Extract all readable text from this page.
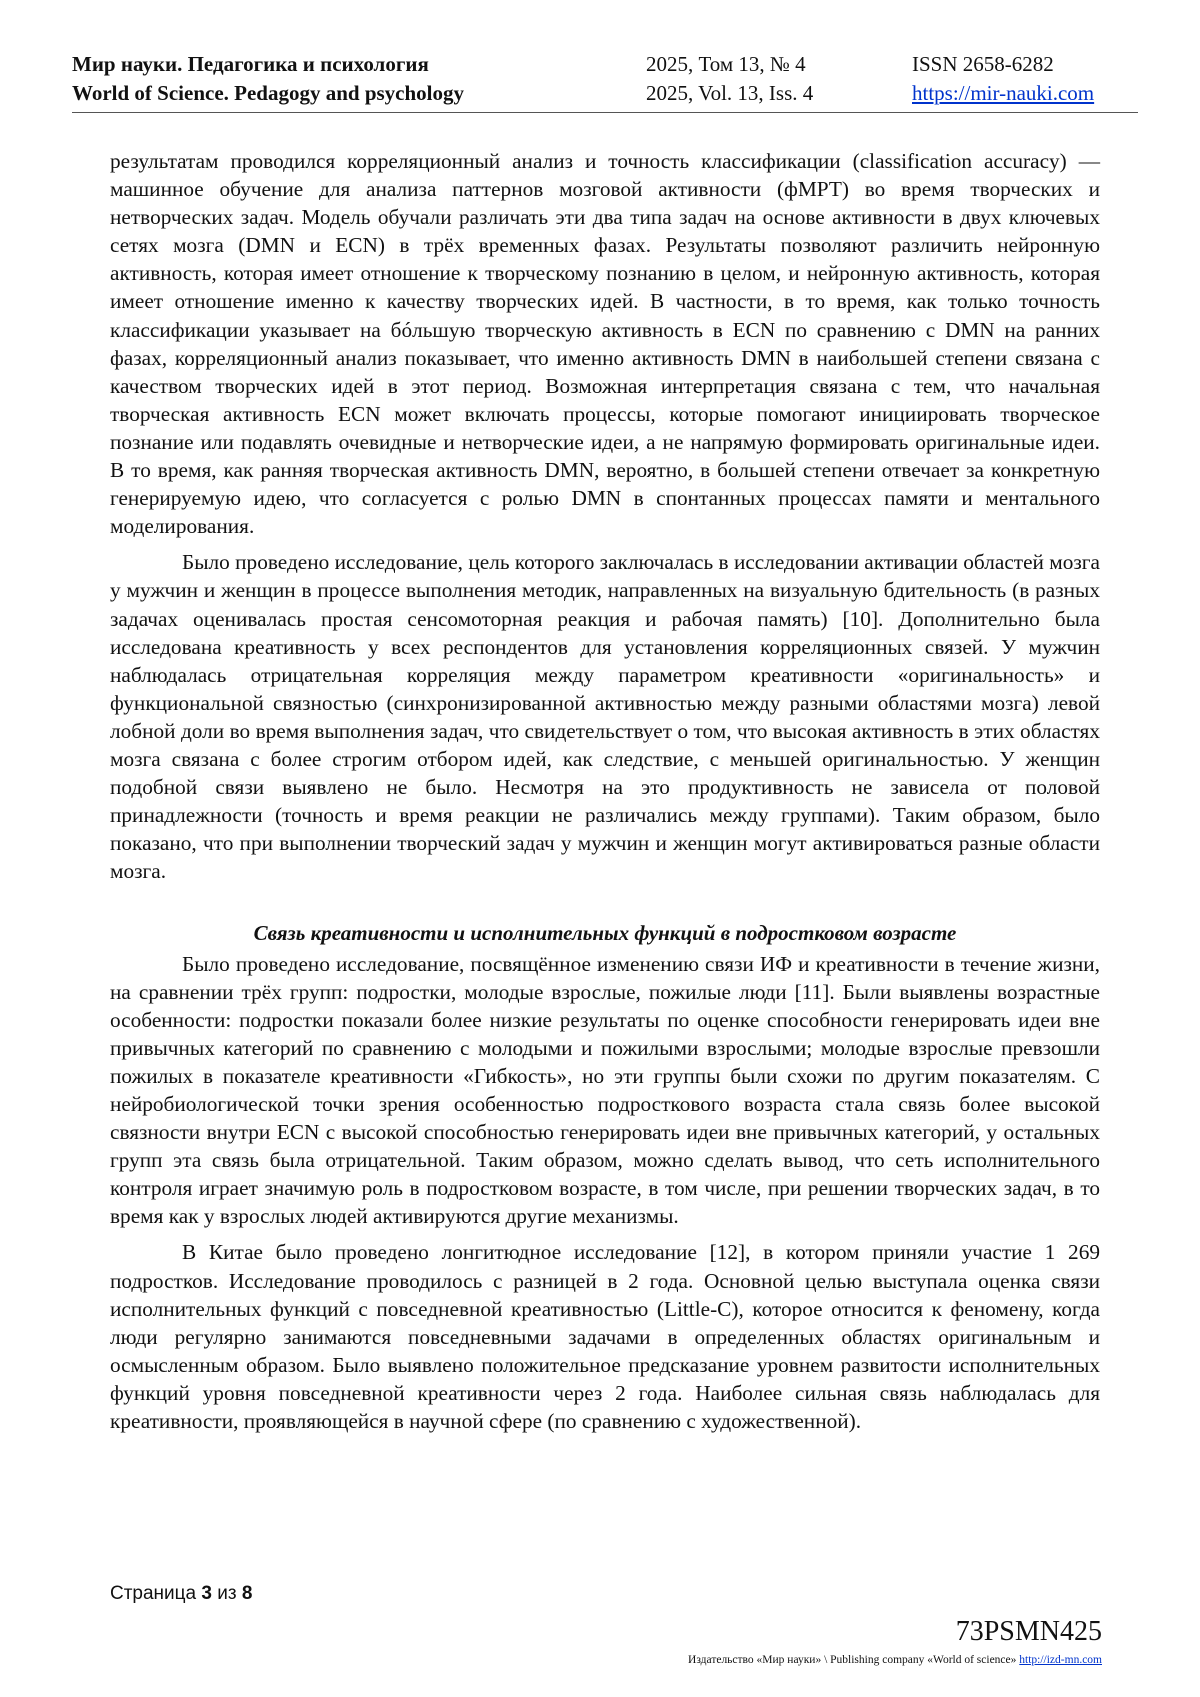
Мир науки. Педагогика и психология
World of Science. Pedagogy and psychology
2025, Том 13, № 4
2025, Vol. 13, Iss. 4
ISSN 2658-6282
https://mir-nauki.com

результатам проводился корреляционный анализ и точность классификации (classification accuracy) — машинное обучение для анализа паттернов мозговой активности (фМРТ) во время творческих и нетворческих задач. Модель обучали различать эти два типа задач на основе активности в двух ключевых сетях мозга (DMN и ECN) в трёх временных фазах. Результаты позволяют различить нейронную активность, которая имеет отношение к творческому познанию в целом, и нейронную активность, которая имеет отношение именно к качеству творческих идей. В частности, в то время, как только точность классификации указывает на бóльшую творческую активность в ECN по сравнению с DMN на ранних фазах, корреляционный анализ показывает, что именно активность DMN в наибольшей степени связана с качеством творческих идей в этот период. Возможная интерпретация связана с тем, что начальная творческая активность ECN может включать процессы, которые помогают инициировать творческое познание или подавлять очевидные и нетворческие идеи, а не напрямую формировать оригинальные идеи. В то время, как ранняя творческая активность DMN, вероятно, в большей степени отвечает за конкретную генерируемую идею, что согласуется с ролью DMN в спонтанных процессах памяти и ментального моделирования.

Было проведено исследование, цель которого заключалась в исследовании активации областей мозга у мужчин и женщин в процессе выполнения методик, направленных на визуальную бдительность (в разных задачах оценивалась простая сенсомоторная реакция и рабочая память) [10]. Дополнительно была исследована креативность у всех респондентов для установления корреляционных связей. У мужчин наблюдалась отрицательная корреляция между параметром креативности «оригинальность» и функциональной связностью (синхронизированной активностью между разными областями мозга) левой лобной доли во время выполнения задач, что свидетельствует о том, что высокая активность в этих областях мозга связана с более строгим отбором идей, как следствие, с меньшей оригинальностью. У женщин подобной связи выявлено не было. Несмотря на это продуктивность не зависела от половой принадлежности (точность и время реакции не различались между группами). Таким образом, было показано, что при выполнении творческий задач у мужчин и женщин могут активироваться разные области мозга.

Связь креативности и исполнительных функций в подростковом возрасте

Было проведено исследование, посвящённое изменению связи ИФ и креативности в течение жизни, на сравнении трёх групп: подростки, молодые взрослые, пожилые люди [11]. Были выявлены возрастные особенности: подростки показали более низкие результаты по оценке способности генерировать идеи вне привычных категорий по сравнению с молодыми и пожилыми взрослыми; молодые взрослые превзошли пожилых в показателе креативности «Гибкость», но эти группы были схожи по другим показателям. С нейробиологической точки зрения особенностью подросткового возраста стала связь более высокой связности внутри ECN с высокой способностью генерировать идеи вне привычных категорий, у остальных групп эта связь была отрицательной. Таким образом, можно сделать вывод, что сеть исполнительного контроля играет значимую роль в подростковом возрасте, в том числе, при решении творческих задач, в то время как у взрослых людей активируются другие механизмы.

В Китае было проведено лонгитюдное исследование [12], в котором приняли участие 1 269 подростков. Исследование проводилось с разницей в 2 года. Основной целью выступала оценка связи исполнительных функций с повседневной креативностью (Little-C), которое относится к феномену, когда люди регулярно занимаются повседневными задачами в определенных областях оригинальным и осмысленным образом. Было выявлено положительное предсказание уровнем развитости исполнительных функций уровня повседневной креативности через 2 года. Наиболее сильная связь наблюдалась для креативности, проявляющейся в научной сфере (по сравнению с художественной).

Страница 3 из 8
73PSMN425
Издательство «Мир науки» \ Publishing company «World of science» http://izd-mn.com
